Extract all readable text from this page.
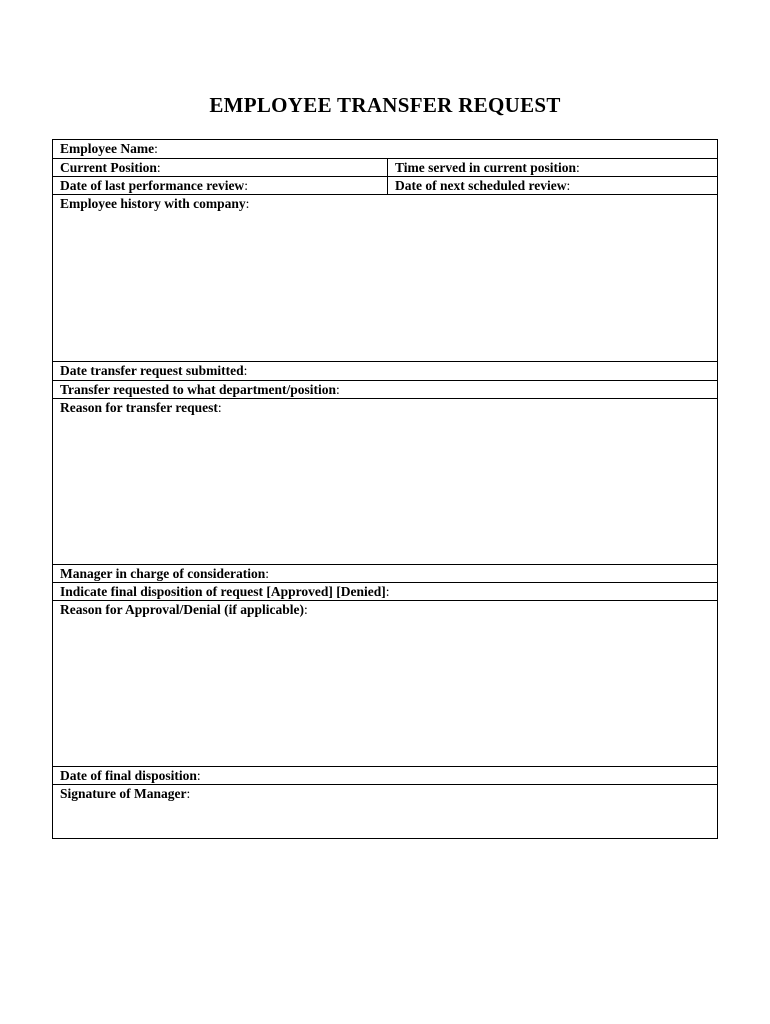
EMPLOYEE TRANSFER REQUEST
Employee Name:
Current Position:	Time served in current position:
Date of last performance review:	Date of next scheduled review:
Employee history with company:
Date transfer request submitted:
Transfer requested to what department/position:
Reason for transfer request:
Manager in charge of consideration:
Indicate final disposition of request [Approved] [Denied]:
Reason for Approval/Denial (if applicable):
Date of final disposition:
Signature of Manager:
